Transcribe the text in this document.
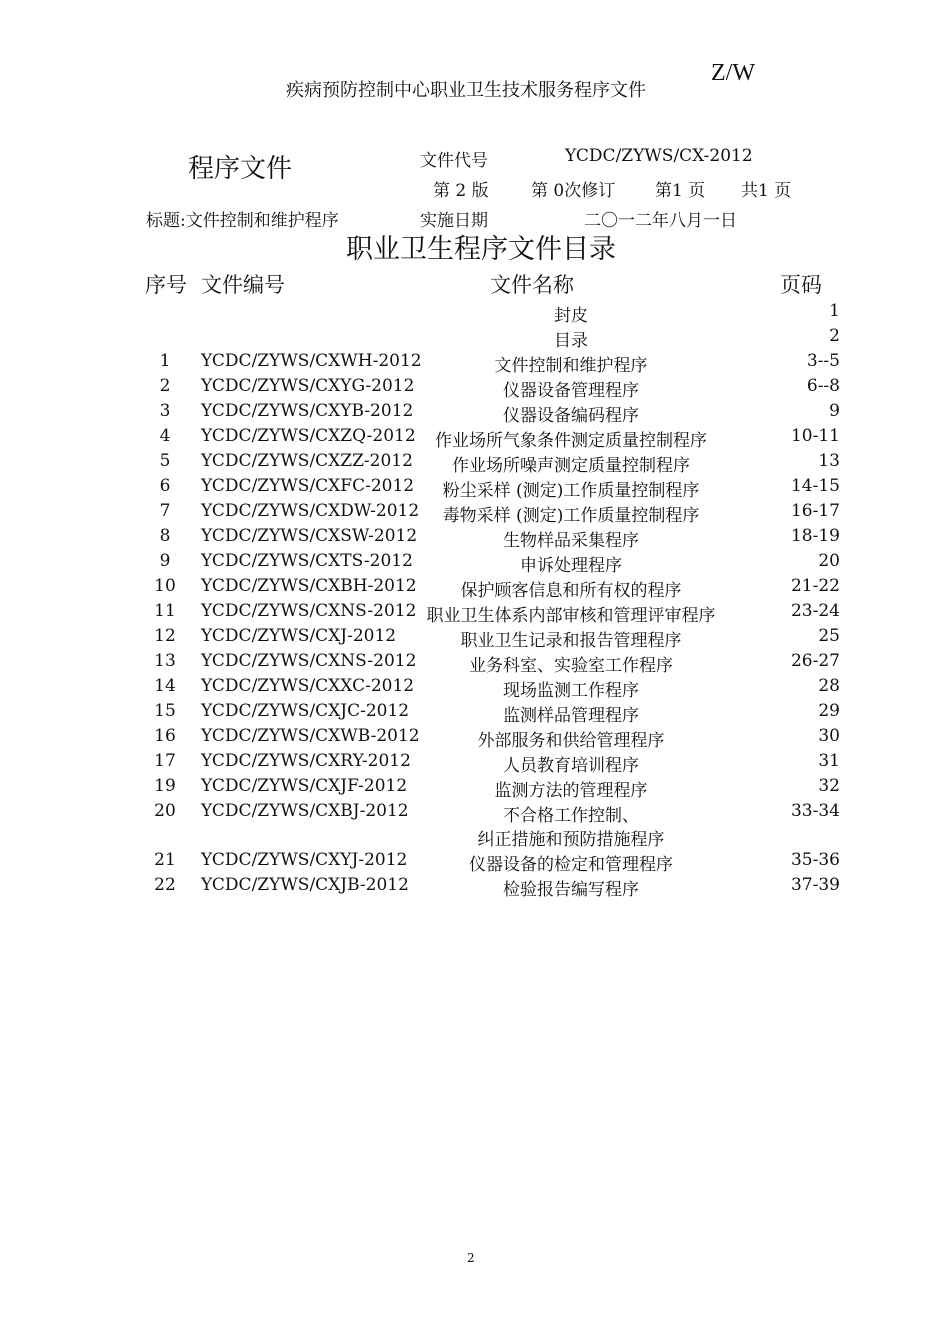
疾病预防控制中心职业卫生技术服务程序文件
Z/W
程序文件	文件代号	YCDC/ZYWS/CX-2012
第 2 版 第 0次修订 第1 页 共1 页
标题:文件控制和维护程序	实施日期	二〇一二年八月一日
职业卫生程序文件目录
序号 文件编号	文件名称	页码
封皮	1
目录	2
1	YCDC/ZYWS/CXWH-2012	文件控制和维护程序	3--5
2	YCDC/ZYWS/CXYG-2012	仪器设备管理程序	6--8
3	YCDC/ZYWS/CXYB-2012	仪器设备编码程序	9
4	YCDC/ZYWS/CXZQ-2012	作业场所气象条件测定质量控制程序	10-11
5	YCDC/ZYWS/CXZZ-2012	作业场所噪声测定质量控制程序	13
6	YCDC/ZYWS/CXFC-2012	粉尘采样 (测定)工作质量控制程序	14-15
7	YCDC/ZYWS/CXDW-2012	毒物采样 (测定)工作质量控制程序	16-17
8	YCDC/ZYWS/CXSW-2012	生物样品采集程序	18-19
9	YCDC/ZYWS/CXTS-2012	申诉处理程序	20
10	YCDC/ZYWS/CXBH-2012	保护顾客信息和所有权的程序	21-22
11	YCDC/ZYWS/CXNS-2012 职业卫生体系内部审核和管理评审程序	23-24
12	YCDC/ZYWS/CXJ-2012	职业卫生记录和报告管理程序	25
13	YCDC/ZYWS/CXNS-2012	业务科室、实验室工作程序	26-27
14	YCDC/ZYWS/CXXC-2012	现场监测工作程序	28
15	YCDC/ZYWS/CXJC-2012	监测样品管理程序	29
16	YCDC/ZYWS/CXWB-2012	外部服务和供给管理程序	30
17	YCDC/ZYWS/CXRY-2012	人员教育培训程序	31
19	YCDC/ZYWS/CXJF-2012	监测方法的管理程序	32
20	YCDC/ZYWS/CXBJ-2012	不合格工作控制、	33-34
纠正措施和预防措施程序
21	YCDC/ZYWS/CXYJ-2012	仪器设备的检定和管理程序	35-36
22	YCDC/ZYWS/CXJB-2012	检验报告编写程序	37-39
2
